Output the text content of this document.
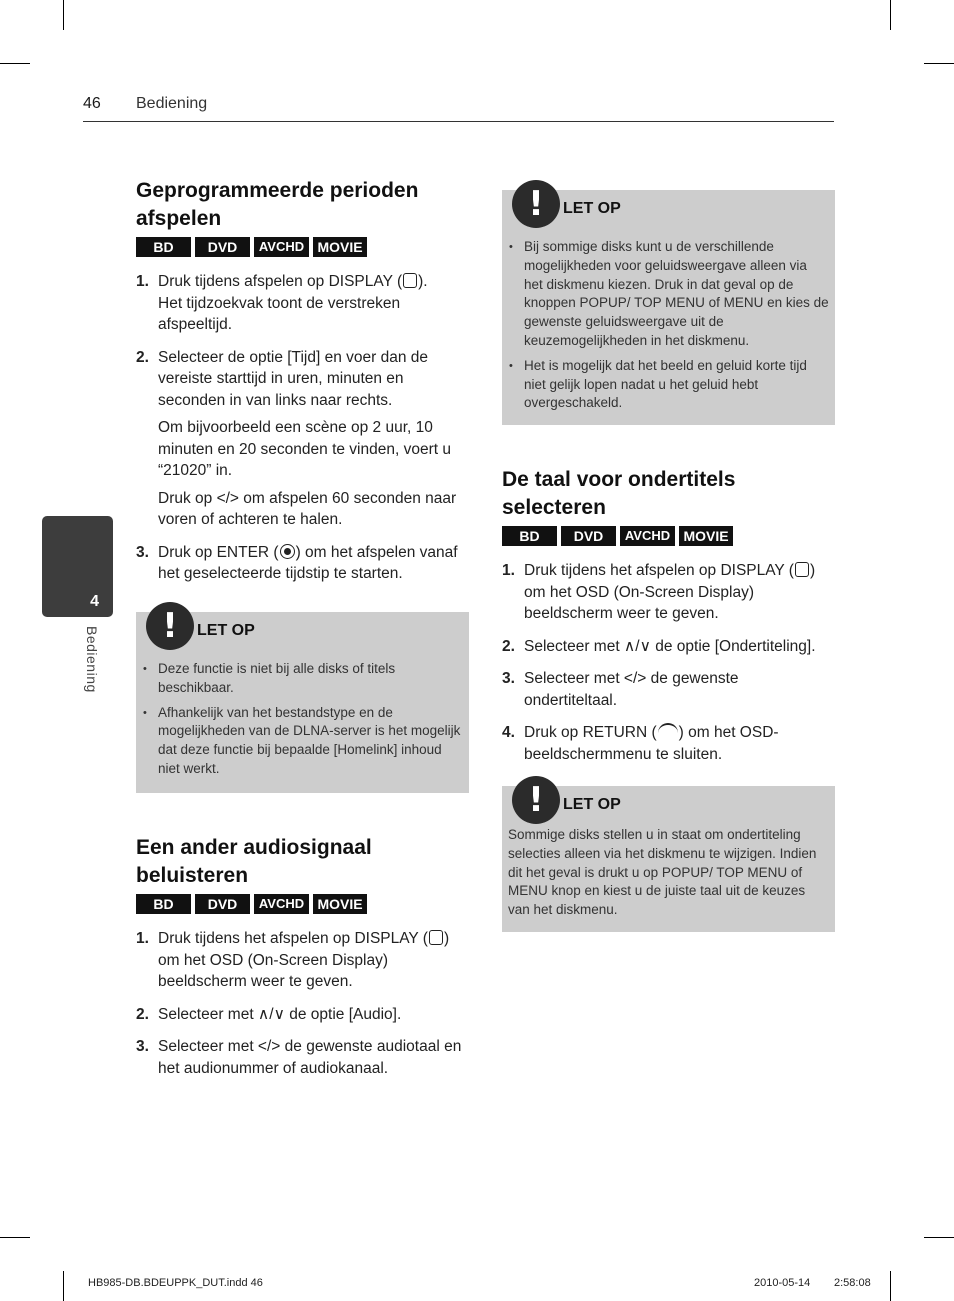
46 Bediening
4
Bediening
Geprogrammeerde perioden afspelen
BD	DVD	AVCHD MOVIE
1. Druk tijdens afspelen op DISPLAY ( ).
Het tijdzoekvak toont de verstreken afspeeltijd.

2. Selecteer de optie [Tijd] en voer dan de vereiste starttijd in uren, minuten en seconden in van links naar rechts.

Om bijvoorbeeld een scène op 2 uur, 10 minuten en 20 seconden te vinden, voert u “21020” in.

Druk op </> om afspelen 60 seconden naar voren of achteren te halen.

3. Druk op ENTER ( ) om het afspelen vanaf het geselecteerde tijdstip te starten.

!	LET OP
• Deze functie is niet bij alle disks of titels beschikbaar.
• Afhankelijk van het bestandstype en de mogelijkheden van de DLNA-server is het mogelijk dat deze functie bij bepaalde [Homelink] inhoud niet werkt.
Een ander audiosignaal beluisteren
BD	DVD	AVCHD MOVIE
1. Druk tijdens het afspelen op DISPLAY ( ) om het OSD (On-Screen Display) beeldscherm weer te geven.

2. Selecteer met ∧/∨ de optie [Audio].

3. Selecteer met </> de gewenste audiotaal en het audionummer of audiokanaal.

!	LET OP
• Bij sommige disks kunt u de verschillende mogelijkheden voor geluidsweergave alleen via het diskmenu kiezen. Druk in dat geval op de knoppen POPUP/ TOP MENU of MENU en kies de gewenste geluidsweergave uit de keuzemogelijkheden in het diskmenu.
• Het is mogelijk dat het beeld en geluid korte tijd niet gelijk lopen nadat u het geluid hebt overgeschakeld.
De taal voor ondertitels selecteren
BD	DVD	AVCHD MOVIE
1. Druk tijdens het afspelen op DISPLAY ( ) om het OSD (On-Screen Display) beeldscherm weer te geven.

2. Selecteer met ∧/∨ de optie [Ondertiteling].

3. Selecteer met </> de gewenste ondertiteltaal.

4. Druk op RETURN ( ) om het OSD-beeldschermmenu te sluiten.

!	LET OP

Sommige disks stellen u in staat om ondertiteling selecties alleen via het diskmenu te wijzigen. Indien dit het geval is drukt u op POPUP/ TOP MENU of MENU knop en kiest u de juiste taal uit de keuzes van het diskmenu.

HB985-DB.BDEUPPK_DUT.indd 46	2010-05-14 2:58:08
